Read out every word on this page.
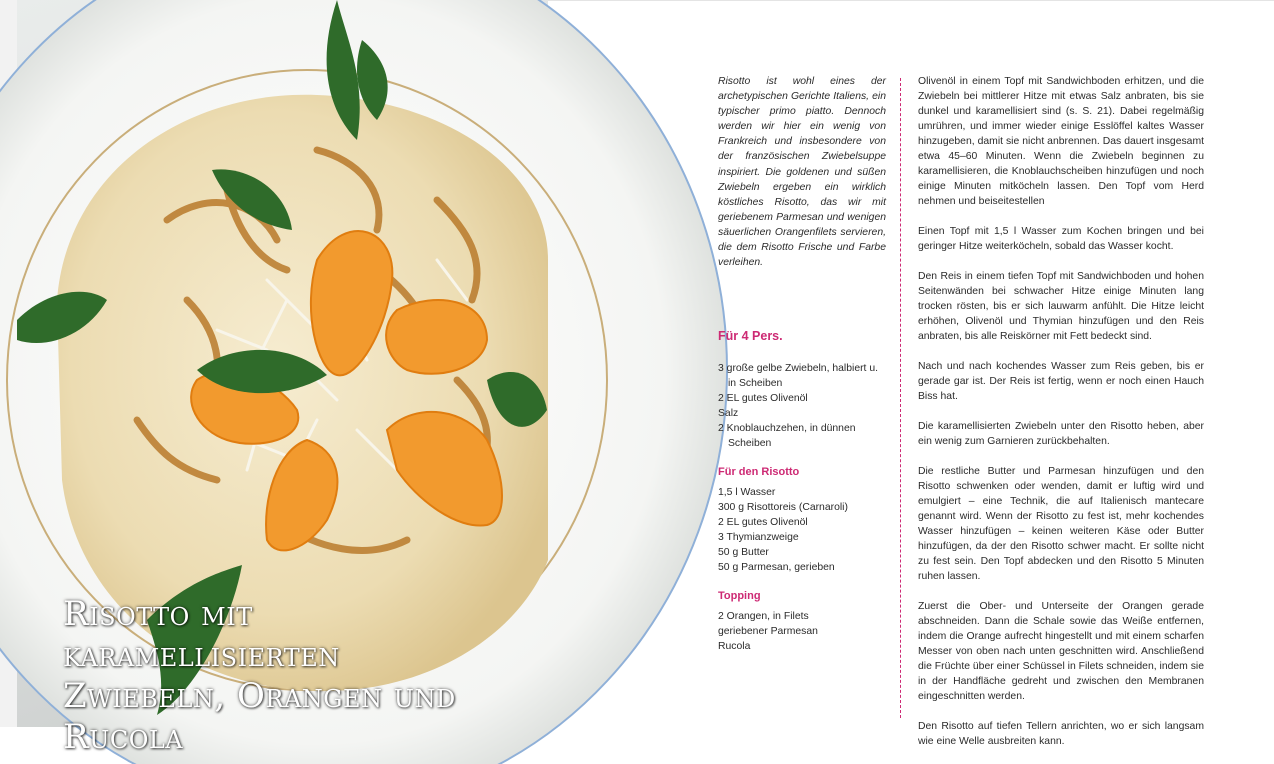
Risotto mit karamellisierten
Zwiebeln, Orangen und Rucola

Risotto ist wohl eines der archetypischen Gerichte Italiens, ein typischer primo piatto. Dennoch werden wir hier ein wenig von Frankreich und insbesondere von der französischen Zwiebelsuppe inspiriert. Die goldenen und süßen Zwiebeln ergeben ein wirklich köstliches Risotto, das wir mit geriebenem Parmesan und wenigen säuerlichen Orangenfilets servieren, die dem Risotto Frische und Farbe verleihen.

Für 4 Pers.

3 große gelbe Zwiebeln, halbiert u. in Scheiben
2 EL gutes Olivenöl
Salz
2 Knoblauchzehen, in dünnen Scheiben

Für den Risotto

1,5 l Wasser
300 g Risottoreis (Carnaroli)
2 EL gutes Olivenöl
3 Thymianzweige
50 g Butter
50 g Parmesan, gerieben

Topping

2 Orangen, in Filets
geriebener Parmesan
Rucola

Olivenöl in einem Topf mit Sandwichboden erhitzen, und die Zwiebeln bei mittlerer Hitze mit etwas Salz anbraten, bis sie dunkel und karamellisiert sind (s. S. 21). Dabei regelmäßig umrühren, und immer wieder einige Esslöffel kaltes Wasser hinzugeben, damit sie nicht anbrennen. Das dauert insgesamt etwa 45–60 Minuten. Wenn die Zwiebeln beginnen zu karamellisieren, die Knoblauchscheiben hinzufügen und noch einige Minuten mitköcheln lassen. Den Topf vom Herd nehmen und beiseitestellen

Einen Topf mit 1,5 l Wasser zum Kochen bringen und bei geringer Hitze weiterköcheln, sobald das Wasser kocht.

Den Reis in einem tiefen Topf mit Sandwichboden und hohen Seitenwänden bei schwacher Hitze einige Minuten lang trocken rösten, bis er sich lauwarm anfühlt. Die Hitze leicht erhöhen, Olivenöl und Thymian hinzufügen und den Reis anbraten, bis alle Reiskörner mit Fett bedeckt sind.

Nach und nach kochendes Wasser zum Reis geben, bis er gerade gar ist. Der Reis ist fertig, wenn er noch einen Hauch Biss hat.

Die karamellisierten Zwiebeln unter den Risotto heben, aber ein wenig zum Garnieren zurückbehalten.

Die restliche Butter und Parmesan hinzufügen und den Risotto schwenken oder wenden, damit er luftig wird und emulgiert – eine Technik, die auf Italienisch mantecare genannt wird. Wenn der Risotto zu fest ist, mehr kochendes Wasser hinzufügen – keinen weiteren Käse oder Butter hinzufügen, da der den Risotto schwer macht. Er sollte nicht zu fest sein. Den Topf abdecken und den Risotto 5 Minuten ruhen lassen.

Zuerst die Ober- und Unterseite der Orangen gerade abschneiden. Dann die Schale sowie das Weiße entfernen, indem die Orange aufrecht hingestellt und mit einem scharfen Messer von oben nach unten geschnitten wird. Anschließend die Früchte über einer Schüssel in Filets schneiden, indem sie in der Handfläche gedreht und zwischen den Membranen eingeschnitten werden.

Den Risotto auf tiefen Tellern anrichten, wo er sich langsam wie eine Welle ausbreiten kann.
